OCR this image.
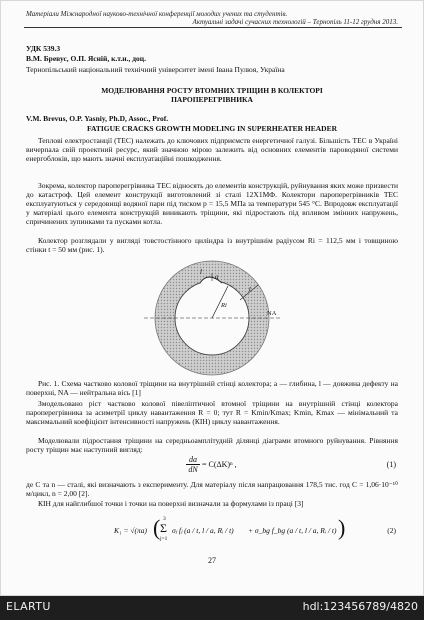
Матеріали Міжнародної науково-технічної конференції молодих учених та студентів.
Актуальні задачі сучасних технологій – Тернопіль 11-12 грудня 2013.
УДК 539.3
В.М. Бревус, О.П. Ясній, к.т.н., доц.
Тернопільський національний технічний університет імені Івана Пулюя, Україна
МОДЕЛЮВАННЯ РОСТУ ВТОМНИХ ТРІЩИН В КОЛЕКТОРІ ПАРОПЕРЕГРІВНИКА
V.M. Brevus, O.P. Yasniy, Ph.D, Assoc., Prof.
FATIGUE CRACKS GROWTH MODELING IN SUPERHEATER HEADER
Теплові електростанції (ТЕС) належать до ключових підприємств енергетичної галузі. Більшість ТЕС в Україні вичерпала свій проектний ресурс, який значною мірою залежить від основних елементів пароводяної системи енергоблоків, що мають значні експлуатаційні пошкодження.
Зокрема, колектор пароперегрівника ТЕС відносять до елементів конструкцій, руйнування яких може призвести до катастроф. Цей елемент конструкції виготовлений зі сталі 12Х1МФ. Колектори пароперегрівників ТЕС експлуатуються у середовищі водяної пари під тиском p = 15,5 МПа за температури 545 °С. Впродовж експлуатації у матеріалі цього елемента конструкцій виникають тріщини, які підростають під впливом змінних напружень, спричинених зупинками та пусками котла.
Колектор розглядали у вигляді товстостінного циліндра із внутрішнім радіусом Ri = 112,5 мм і товщиною стінки t = 50 мм (рис. 1).
l
a
t
NA
Ri
Рис. 1. Схема частково колової тріщини на внутрішній стінці колектора; a — глибина, l — довжина дефекту на поверхні, NA — нейтральна вісь [1]
Змодельовано ріст частково колової півеліптичної втомної тріщини на внутрішній стінці колектора пароперегрівника за асиметрії циклу навантаження R = 0; тут R = Kmin/Kmax; Kmin, Kmax — мінімальний та максимальний коефіцієнт інтенсивності напружень (КІН) циклу навантаження.
Моделювали підростання тріщини на середньоамплітудній ділянці діаграми втомного руйнування. Рівняння росту тріщин має наступний вигляд:
$\frac{da}{dN} = C(\Delta K)^n$ ,	(1)
де C та n — сталі, які визначають з експерименту. Для матеріалу після напрацювання 178,5 тис. год C = 1,06·10⁻¹⁰ м/цикл, n = 2,00 [2].
КІН для найглибшої точки і точки на поверхні визначали за формулами із праці [3]
K₁ = √(πa) ( 3
Σ
j=1
σⱼ fⱼ (a / t, l / a, Rᵢ / t) + σ_bg f_bg (a / t, l / a, Rᵢ / t) )	(2)
27
ELARTU	hdl:123456789/4820
